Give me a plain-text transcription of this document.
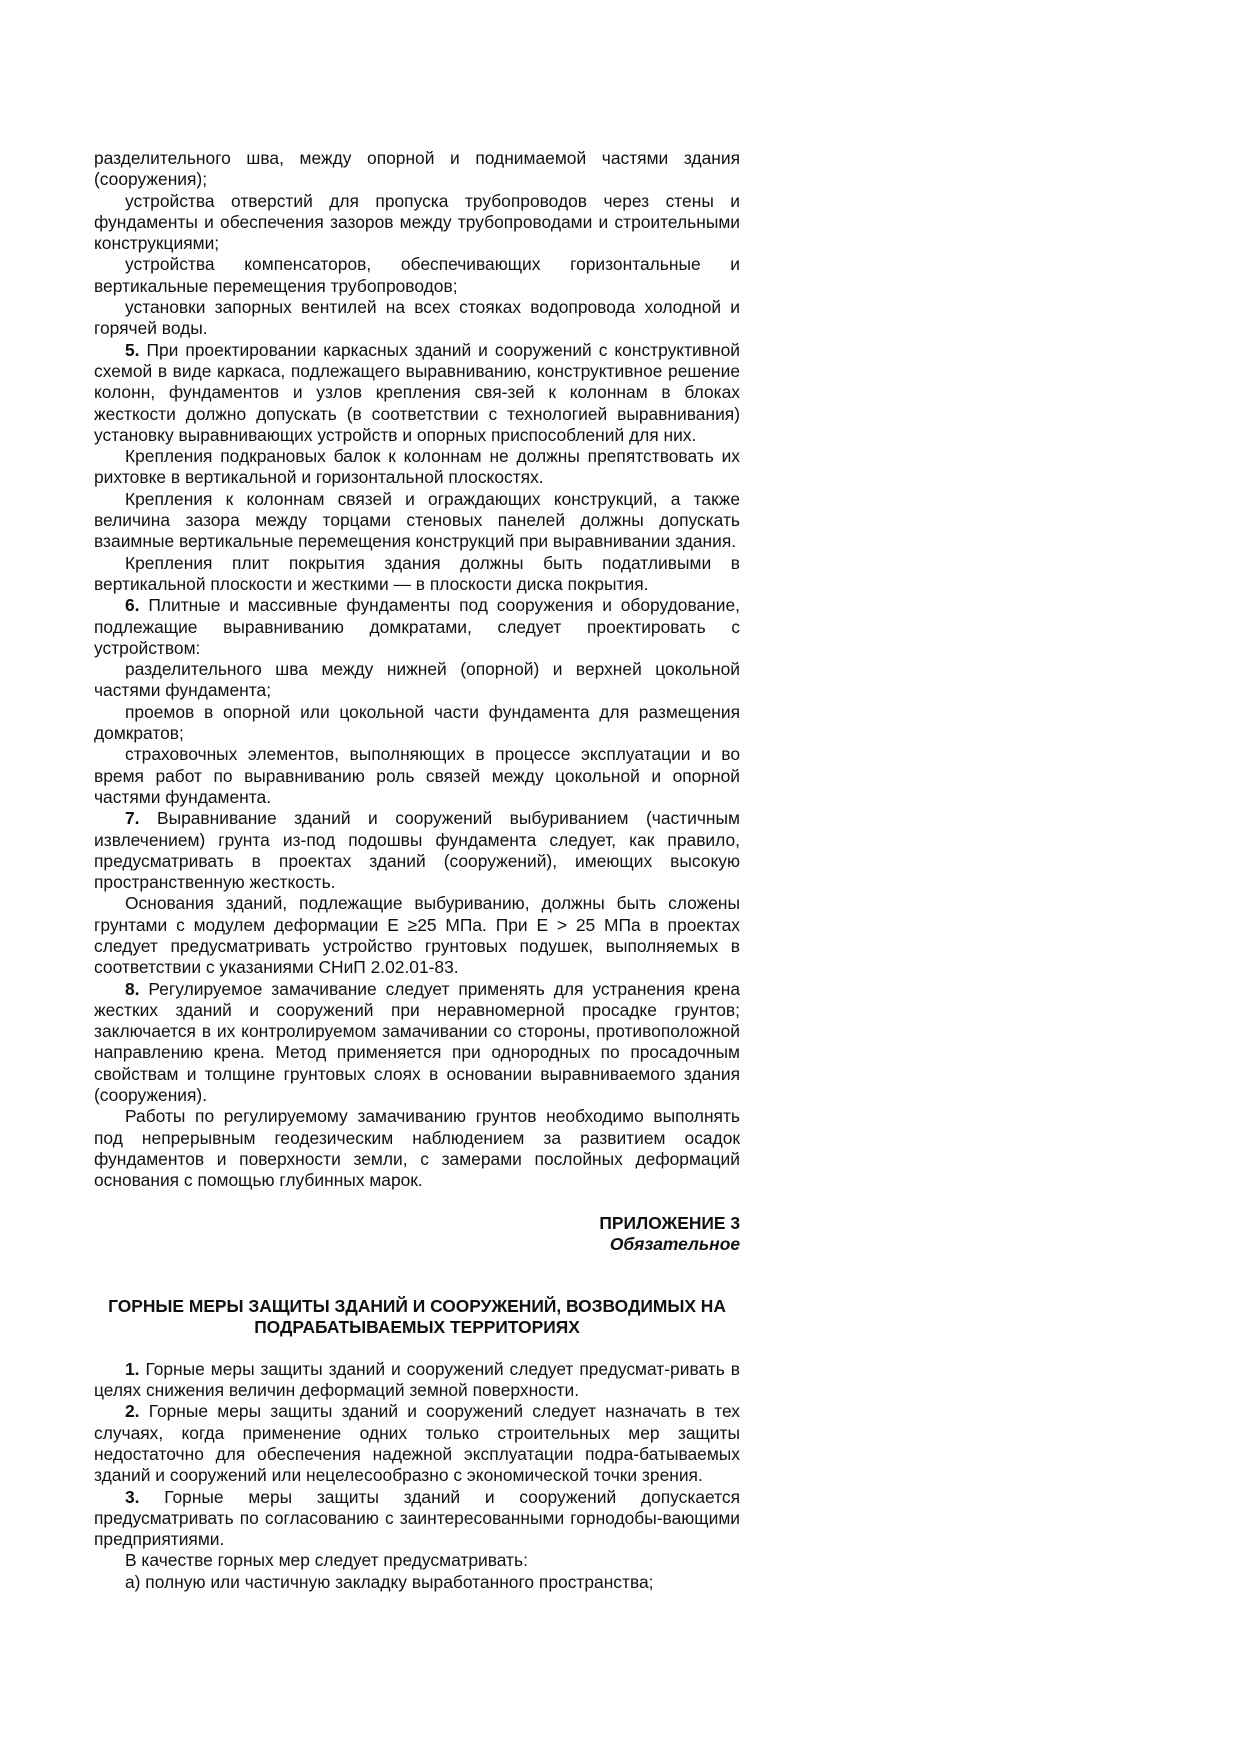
разделительного шва, между опорной и поднимаемой частями здания (сооружения);

устройства отверстий для пропуска трубопроводов через стены и фундаменты и обеспечения зазоров между трубопроводами и строительными конструкциями;

устройства компенсаторов, обеспечивающих горизонтальные и вертикальные перемещения трубопроводов;

установки запорных вентилей на всех стояках водопровода холодной и горячей воды.

5. При проектировании каркасных зданий и сооружений с конструктивной схемой в виде каркаса, подлежащего выравниванию, конструктивное решение колонн, фундаментов и узлов крепления свя-зей к колоннам в блоках жесткости должно допускать (в соответствии с технологией выравнивания) установку выравнивающих устройств и опорных приспособлений для них.

Крепления подкрановых балок к колоннам не должны препятствовать их рихтовке в вертикальной и горизонтальной плоскостях.

Крепления к колоннам связей и ограждающих конструкций, а также величина зазора между торцами стеновых панелей должны допускать взаимные вертикальные перемещения конструкций при выравнивании здания.

Крепления плит покрытия здания должны быть податливыми в вертикальной плоскости и жесткими — в плоскости диска покрытия.

6. Плитные и массивные фундаменты под сооружения и оборудование, подлежащие выравниванию домкратами, следует проектировать с устройством:

разделительного шва между нижней (опорной) и верхней цокольной частями фундамента;

проемов в опорной или цокольной части фундамента для размещения домкратов;

страховочных элементов, выполняющих в процессе эксплуатации и во время работ по выравниванию роль связей между цокольной и опорной частями фундамента.

7. Выравнивание зданий и сооружений выбуриванием (частичным извлечением) грунта из-под подошвы фундамента следует, как правило, предусматривать в проектах зданий (сооружений), имеющих высокую пространственную жесткость.

Основания зданий, подлежащие выбуриванию, должны быть сложены грунтами с модулем деформации Е ≥25 МПа. При Е > 25 МПа в проектах следует предусматривать устройство грунтовых подушек, выполняемых в соответствии с указаниями СНиП 2.02.01-83.

8. Регулируемое замачивание следует применять для устранения крена жестких зданий и сооружений при неравномерной просадке грунтов; заключается в их контролируемом замачивании со стороны, противоположной направлению крена. Метод применяется при однородных по просадочным свойствам и толщине грунтовых слоях в основании выравниваемого здания (сооружения).

Работы по регулируемому замачиванию грунтов необходимо выполнять под непрерывным геодезическим наблюдением за развитием осадок фундаментов и поверхности земли, с замерами послойных деформаций основания с помощью глубинных марок.

ПРИЛОЖЕНИЕ 3
Обязательное
ГОРНЫЕ МЕРЫ ЗАЩИТЫ ЗДАНИЙ И СООРУЖЕНИЙ, ВОЗВОДИМЫХ НА ПОДРАБАТЫВАЕМЫХ ТЕРРИТОРИЯХ

1. Горные меры защиты зданий и сооружений следует предусмат-ривать в целях снижения величин деформаций земной поверхности.

2. Горные меры защиты зданий и сооружений следует назначать в тех случаях, когда применение одних только строительных мер защиты недостаточно для обеспечения надежной эксплуатации подра-батываемых зданий и сооружений или нецелесообразно с экономической точки зрения.

3. Горные меры защиты зданий и сооружений допускается предусматривать по согласованию с заинтересованными горнодобы-вающими предприятиями.

В качестве горных мер следует предусматривать:

а) полную или частичную закладку выработанного пространства;
